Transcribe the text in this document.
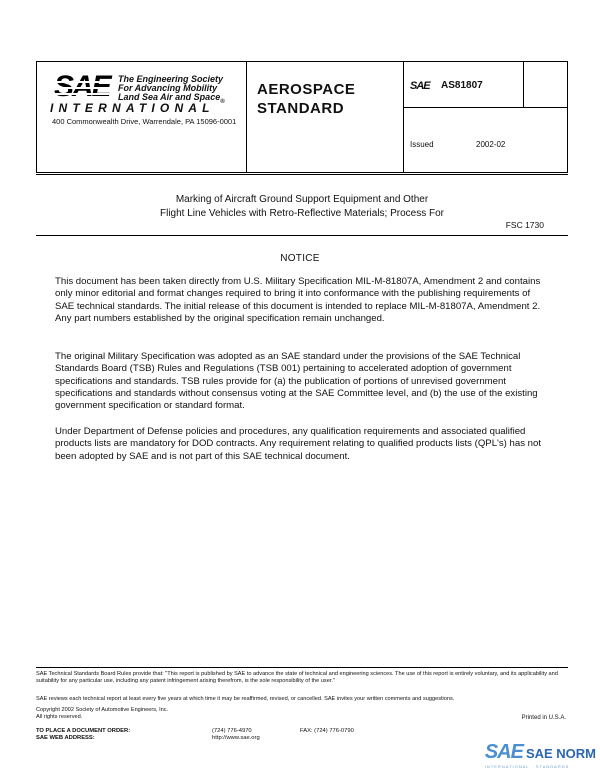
The Engineering Society
For Advancing Mobility
Land Sea Air and Space$_®$
INTERNATIONAL
400 Commonwealth Drive, Warrendale, PA 15096-0001
AEROSPACE
STANDARD
SAE AS81807
Issued	2002-02
Marking of Aircraft Ground Support Equipment and Other
Flight Line Vehicles with Retro-Reflective Materials; Process For
FSC 1730
NOTICE
This document has been taken directly from U.S. Military Specification MIL-M-81807A, Amendment 2 and contains only minor editorial and format changes required to bring it into conformance with the publishing requirements of SAE technical standards. The initial release of this document is intended to replace MIL-M-81807A, Amendment 2. Any part numbers established by the original specification remain unchanged.
The original Military Specification was adopted as an SAE standard under the provisions of the SAE Technical Standards Board (TSB) Rules and Regulations (TSB 001) pertaining to accelerated adoption of government specifications and standards. TSB rules provide for (a) the publication of portions of unrevised government specifications and standards without consensus voting at the SAE Committee level, and (b) the use of the existing government specification or standard format.
Under Department of Defense policies and procedures, any qualification requirements and associated qualified products lists are mandatory for DOD contracts. Any requirement relating to qualified products lists (QPL's) has not been adopted by SAE and is not part of this SAE technical document.
SAE Technical Standards Board Rules provide that: "This report is published by SAE to advance the state of technical and engineering sciences. The use of this report is entirely voluntary, and its applicability and suitability for any particular use, including any patent infringement arising therefrom, is the sole responsibility of the user."
SAE reviews each technical report at least every five years at which time it may be reaffirmed, revised, or cancelled. SAE invites your written comments and suggestions.
Copyright 2002 Society of Automotive Engineers, Inc.
All rights reserved.	Printed in U.S.A.
TO PLACE A DOCUMENT ORDER:	(724) 776-4970	FAX: (724) 776-0790
SAE WEB ADDRESS:	http://www.sae.org
SAE SAE NORM
INTERNATIONAL · STANDARDS
